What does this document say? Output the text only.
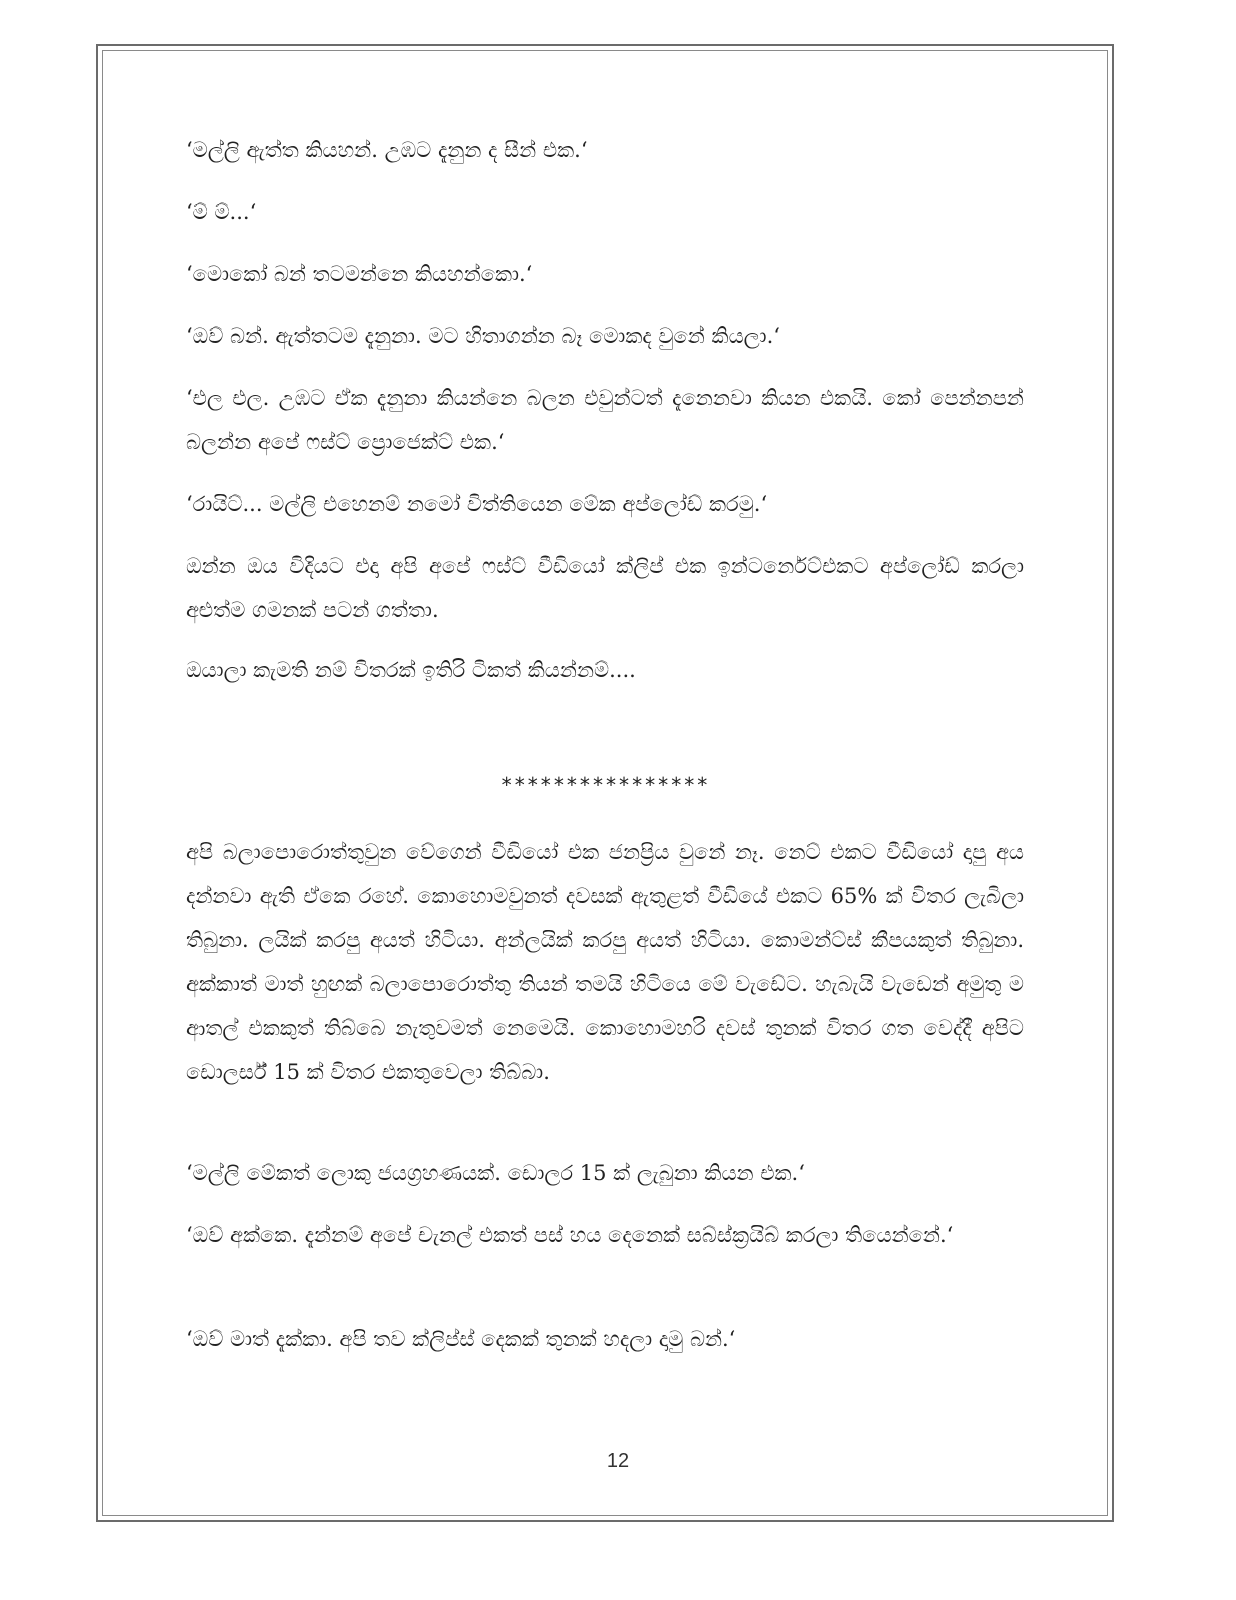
‘මල්ලි ඇත්ත කියහන්. උඹට දැනුන ද සීන් එක.‘

‘ම් ම්...‘

‘මොකෝ බන් තටමන්නෙ කියහන්කො.‘

‘ඔව් බන්. ඇත්තටම දැනුනා. මට හිතාගන්න බෑ මොකද වුනේ කියලා.‘

‘එල එල. උඹට ඒක දැනුනා කියන්නෙ බලන එවුන්ටත් දැනෙනවා කියන එකයි. කෝ පෙන්නපන් බලන්න අපේ ෆස්ට් ප්‍රොජෙක්ට් එක.‘

‘රායිට්... මල්ලි එහෙනම් නමෝ විත්තියෙන මේක අප්ලෝඩ් කරමු.‘

ඔන්න ඔය විදියට එදා අපි අපේ ෆස්ට් වීඩියෝ ක්ලිප් එක ඉන්ටර්නෙට්එකට අප්ලෝඩ් කරලා අළුත්ම ගමනක් පටන් ගත්තා.

ඔයාලා කැමති නම් විතරක් ඉතිරි ටිකත් කියන්නම්....

****************

අපි බලාපොරොත්තුවුන වේගෙන් වීඩියෝ එක ජනප්‍රිය වුනේ නෑ. නෙට් එකට වීඩියෝ දාපු අය දන්නවා ඇති ඒකෙ රහේ. කොහොමවුනත් දවසක් ඇතුළත් වීඩියේ එකට 65% ක් විතර ලැබිලා තිබුනා. ලයික් කරපු අයත් හිටියා. අන්ලයික් කරපු අයත් හිටියා. කොමන්ට්ස් කීපයකුත් තිබුනා. අක්කාත් මාත් හුඟක් බලාපොරොත්තු තියන් තමයි හිටියෙ මේ වැඩේට. හැබැයි වැඩෙන් අමුතු ම ආතල් එකකුත් තිබ්බෙ නැතුවමත් නෙමෙයි. කොහොමහරි දවස් තුනක් විතර ගත වෙද්දී අපිට ඩොලර්ස් 15 ක් විතර එකතුවෙලා තිබ්බා.

‘මල්ලි මේකත් ලොකු ජයග්‍රහණයක්. ඩොලර 15 ක් ලැබුනා කියන එක.‘

‘ඔව් අක්කෙ. දැන්නම් අපේ චැනල් එකත් පස් හය දෙනෙක් සබ්ස්ක්‍රයිබ් කරලා තියෙන්නේ.‘

‘ඔව් මාත් දැක්කා. අපි තව ක්ලිප්ස් දෙකක් තුනක් හදලා දාමු බන්.‘

12
